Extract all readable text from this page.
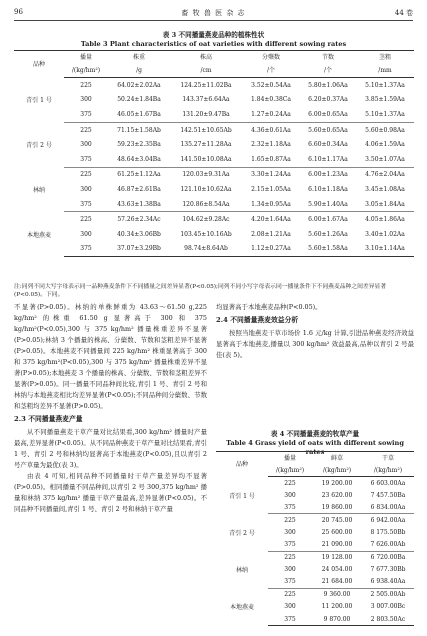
96	畜 牧 兽 医 杂 志	44 卷
表 3 不同播量燕麦品种的植株性状
Table 3 Plant characteristics of oat varieties with different sowing rates
品种	播量	株重	株高	分蘖数	节数	茎粗
	/(kg/hm²)	/g	/cm	/个	/个	/mm
青引 1 号	225	64.02±2.02Aa	124.25±11.02Ba	3.52±0.54Aa	5.80±1.06Aa	5.10±1.37Aa
	300	50.24±1.84Ba	143.37±6.64Aa	1.84±0.38Ca	6.20±0.37Aa	3.85±1.59Aa
	375	46.05±1.67Ba	131.20±9.47Ba	1.27±0.24Aa	6.00±0.65Aa	5.10±1.37Aa
青引 2 号	225	71.15±1.58Ab	142.51±10.65Ab	4.36±0.61Aa	5.60±0.65Aa	5.60±0.98Aa
	300	59.23±2.35Ba	135.27±11.28Aa	2.32±1.18Aa	6.60±0.34Aa	4.06±1.59Aa
	375	48.64±3.04Ba	141.50±10.08Aa	1.65±0.87Aa	6.10±1.17Aa	3.50±1.07Aa
林纳	225	61.25±1.12Aa	120.03±9.31Aa	3.30±1.24Aa	6.00±1.23Aa	4.76±2.04Aa
	300	46.87±2.61Ba	121.10±10.62Aa	2.15±1.05Aa	6.10±1.18Aa	3.45±1.08Aa
	375	43.63±1.38Ba	120.86±8.54Aa	1.34±0.95Aa	5.90±1.40Aa	3.05±1.84Aa
本地燕麦	225	57.26±2.34Ac	104.62±9.28Ac	4.20±1.64Aa	6.00±1.67Aa	4.05±1.86Aa
	300	40.34±3.06Bb	103.45±10.16Ab	2.08±1.21Aa	5.60±1.26Aa	3.40±1.02Aa
	375	37.07±3.29Bb	98.74±8.64Ab	1.12±0.27Aa	5.60±1.58Aa	3.10±1.14Aa
注:同列不同大写字母表示同一品种燕麦条件下不同播量之间差异显著(P<0.05);同列不同小写字母表示同一播量条件下不同燕麦品种之间差异显著(P<0.05)。下同。

不显著(P>0.05)。林纳的单株鲜重为 43.63～61.50 g,225 kg/hm² 的株重 61.50 g 显著高于 300 和 375 kg/hm²(P<0.05),300 与 375 kg/hm² 播量株重差异不显著(P>0.05);林纳 3 个播量的株高、分蘖数、节数和茎粗差异不显著(P>0.05)。本地燕麦不同播量间 225 kg/hm² 株重显著高于 300 和 375 kg/hm²(P<0.05),300 与 375 kg/hm² 播量株重差异不显著(P>0.05);本地燕麦 3 个播量的株高、分蘖数、节数和茎粗差异不显著(P>0.05)。同一播量不同品种间比较,青引 1 号、青引 2 号和林纳与本地燕麦相比均差异显著(P<0.05);不同品种间分蘖数、节数和茎粗均差异不显著(P>0.05)。

2.3 不同播量燕麦产量

从不同播量燕麦干草产量对比结果看,300 kg/hm² 播量时产量最高,差异显著(P<0.05)。从不同品种燕麦干草产量对比结果看,青引 1 号、青引 2 号和林纳均显著高于本地燕麦(P<0.05),且以青引 2 号产草量为最优(表 3)。

由表 4 可知,相同品种不同播量时干草产量差异均不显著(P>0.05)。相同播量不同品种间,以青引 2 号 300,375 kg/hm² 播量和林纳 375 kg/hm² 播量干草产量最高,差异显著(P<0.05)。不同品种不同播量间,青引 1 号、青引 2 号和林纳干草产量

均显著高于本地燕麦品种(P<0.05)。

2.4 不同播量燕麦效益分析

按照当地燕麦干草市场价 1.6 元/kg 计算,引进品种燕麦经济效益显著高于本地燕麦,播量以 300 kg/hm² 效益最高,品种以青引 2 号最佳(表 5)。

表 4 不同播量燕麦的牧草产量
Table 4 Grass yield of oats with different sowing rates
品种	播量	鲜草	干草
	/(kg/hm²)	/(kg/hm²)	/(kg/hm²)
青引 1 号	225	19 200.00	6 603.00Aa
	300	23 620.00	7 457.50Ba
	375	19 860.00	6 834.00Aa
青引 2 号	225	20 745.00	6 942.00Aa
	300	25 600.00	8 175.50Bb
	375	21 090.00	7 626.00Ab
林纳	225	19 128.00	6 720.00Ba
	300	24 054.00	7 677.30Bb
	375	21 684.00	6 938.40Aa
本地燕麦	225	9 360.00	2 505.00Ab
	300	11 200.00	3 007.00Bc
	375	9 870.00	2 803.50Ac
